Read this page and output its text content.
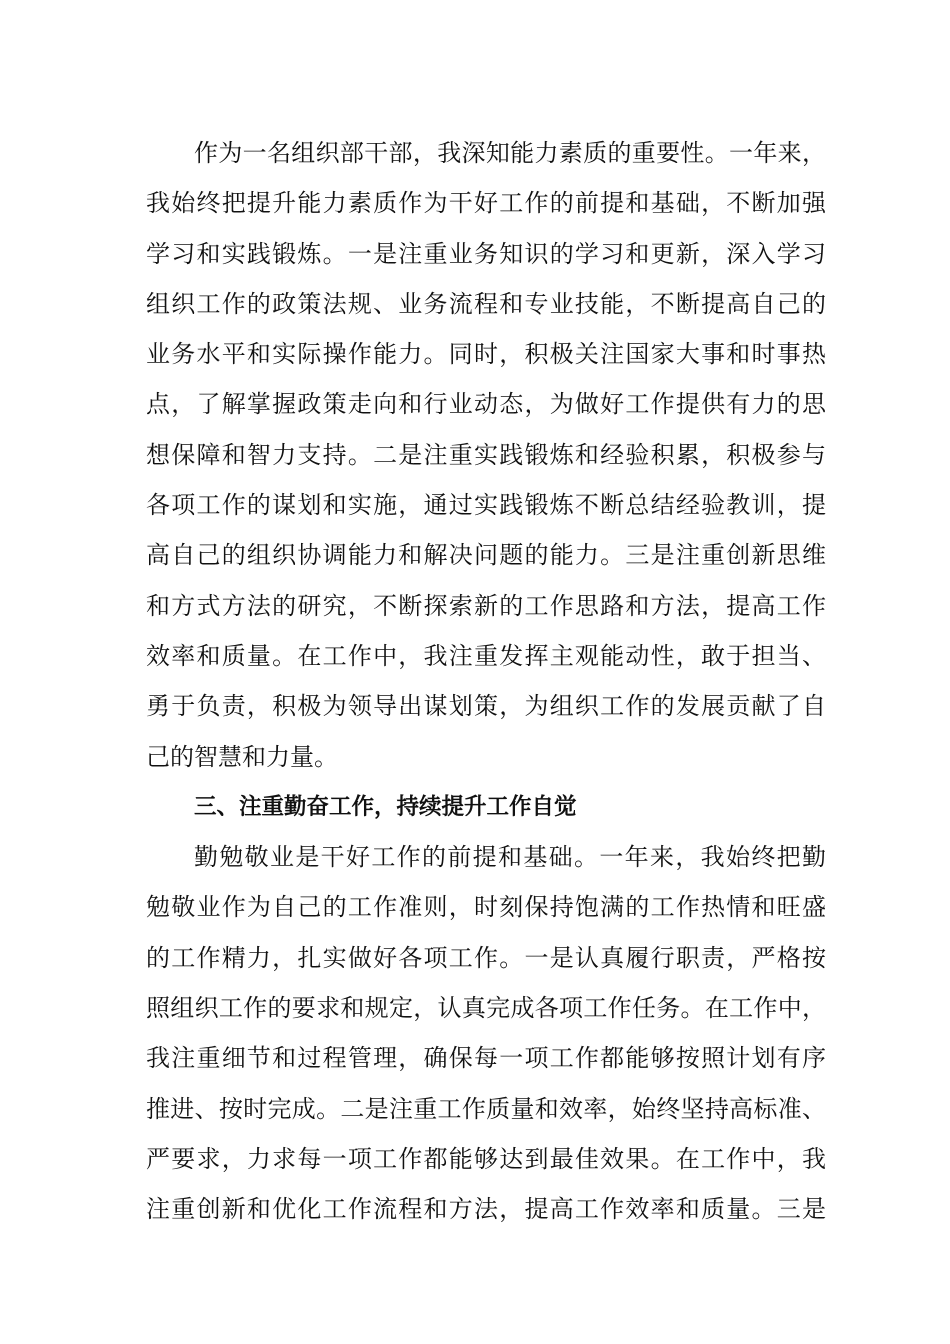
作为一名组织部干部，我深知能力素质的重要性。一年来，
我始终把提升能力素质作为干好工作的前提和基础，不断加强
学习和实践锻炼。一是注重业务知识的学习和更新，深入学习
组织工作的政策法规、业务流程和专业技能，不断提高自己的
业务水平和实际操作能力。同时，积极关注国家大事和时事热
点，了解掌握政策走向和行业动态，为做好工作提供有力的思
想保障和智力支持。二是注重实践锻炼和经验积累，积极参与
各项工作的谋划和实施，通过实践锻炼不断总结经验教训，提
高自己的组织协调能力和解决问题的能力。三是注重创新思维
和方式方法的研究，不断探索新的工作思路和方法，提高工作
效率和质量。在工作中，我注重发挥主观能动性，敢于担当、
勇于负责，积极为领导出谋划策，为组织工作的发展贡献了自
己的智慧和力量。
三、注重勤奋工作，持续提升工作自觉
勤勉敬业是干好工作的前提和基础。一年来，我始终把勤
勉敬业作为自己的工作准则，时刻保持饱满的工作热情和旺盛
的工作精力，扎实做好各项工作。一是认真履行职责，严格按
照组织工作的要求和规定，认真完成各项工作任务。在工作中，
我注重细节和过程管理，确保每一项工作都能够按照计划有序
推进、按时完成。二是注重工作质量和效率，始终坚持高标准、
严要求，力求每一项工作都能够达到最佳效果。在工作中，我
注重创新和优化工作流程和方法，提高工作效率和质量。三是
